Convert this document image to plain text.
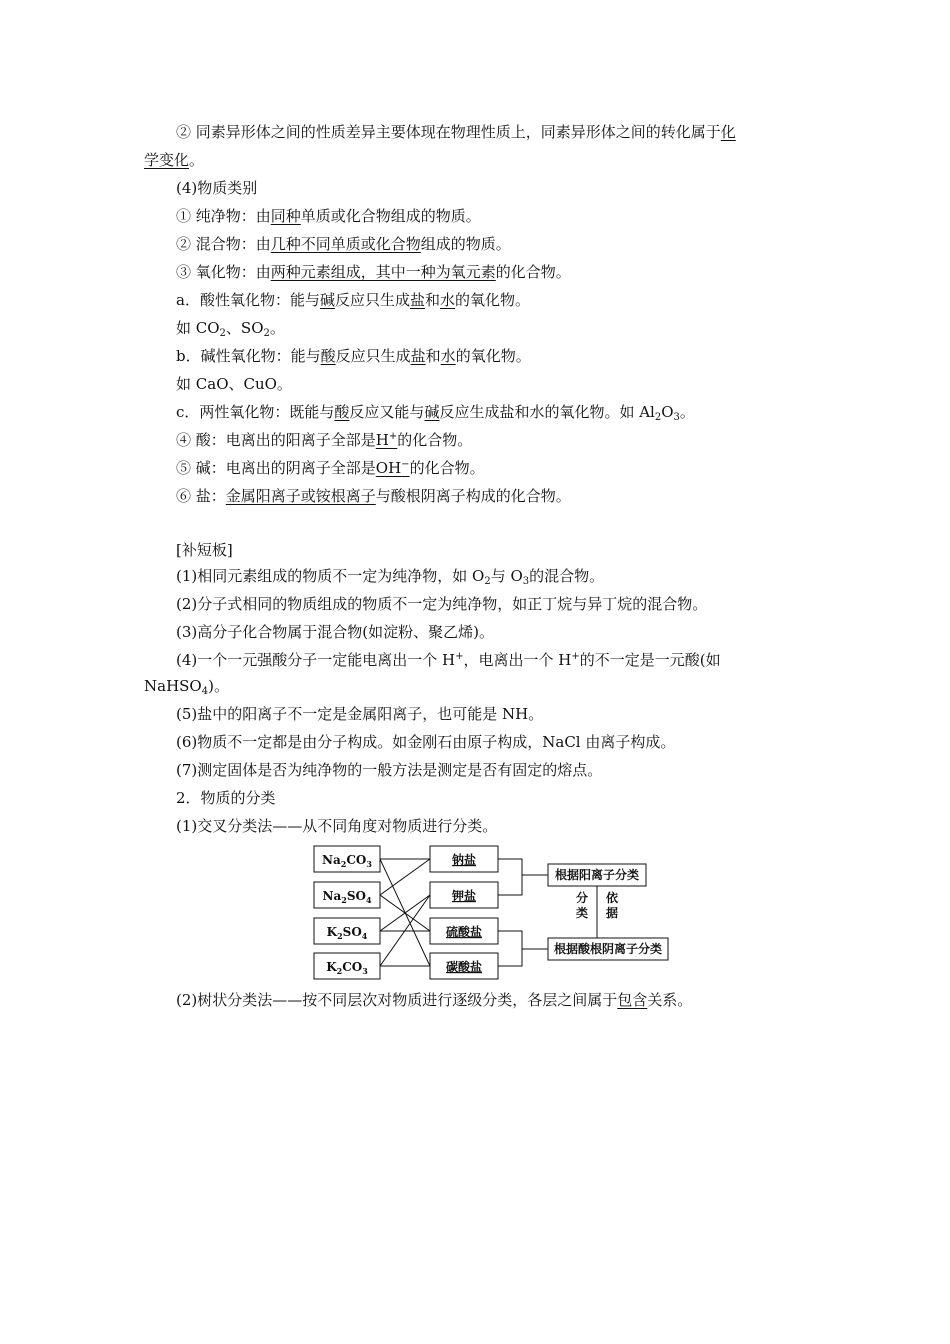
② 同素异形体之间的性质差异主要体现在物理性质上，同素异形体之间的转化属于化
学变化。
(4)物质类别
① 纯净物：由同种单质或化合物组成的物质。
② 混合物：由几种不同单质或化合物组成的物质。
③ 氧化物：由两种元素组成，其中一种为氧元素的化合物。
a．酸性氧化物：能与碱反应只生成盐和水的氧化物。
如 $CO_2$、$SO_2$。
b．碱性氧化物：能与酸反应只生成盐和水的氧化物。
如 CaO、CuO。
c．两性氧化物：既能与酸反应又能与碱反应生成盐和水的氧化物。如 $Al_2O_3$。
④ 酸：电离出的阳离子全部是H+的化合物。
⑤ 碱：电离出的阴离子全部是OH−的化合物。
⑥ 盐：金属阳离子或铵根离子与酸根阴离子构成的化合物。
[补短板]
(1)相同元素组成的物质不一定为纯净物，如 $O_2$与 $O_3$的混合物。
(2)分子式相同的物质组成的物质不一定为纯净物，如正丁烷与异丁烷的混合物。
(3)高分子化合物属于混合物(如淀粉、聚乙烯)。
(4)一个一元强酸分子一定能电离出一个 H+，电离出一个 H+的不一定是一元酸(如
NaHSO$_4$)。
(5)盐中的阳离子不一定是金属阳离子，也可能是 NH。
(6)物质不一定都是由分子构成。如金刚石由原子构成，NaCl 由离子构成。
(7)测定固体是否为纯净物的一般方法是测定是否有固定的熔点。
2．物质的分类
(1)交叉分类法——从不同角度对物质进行分类。
$Na_2CO_3$
$Na_2SO_4$
$K_2SO_4$
$K_2CO_3$
钠盐
钾盐
硫酸盐
碳酸盐
根据阳离子分类
根据酸根阴离子分类
分
类
依
据
(2)树状分类法——按不同层次对物质进行逐级分类，各层之间属于包含关系。
